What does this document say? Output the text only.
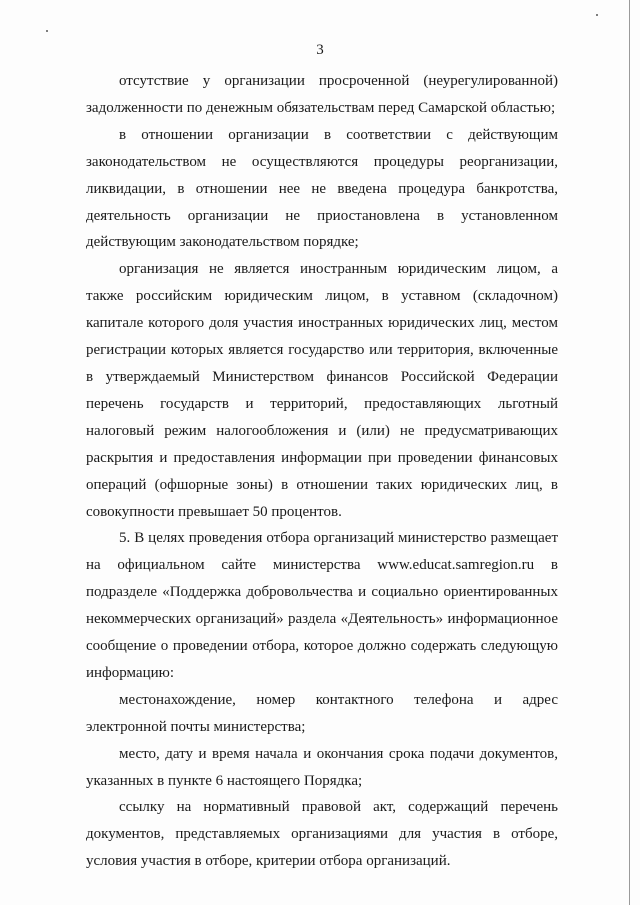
3

отсутствие у организации просроченной (неурегулированной) задолженности по денежным обязательствам перед Самарской областью;

в отношении организации в соответствии с действующим законодательством не осуществляются процедуры реорганизации, ликвидации, в отношении нее не введена процедура банкротства, деятельность организации не приостановлена в установленном действующим законодательством порядке;

организация не является иностранным юридическим лицом, а также российским юридическим лицом, в уставном (складочном) капитале которого доля участия иностранных юридических лиц, местом регистрации которых является государство или территория, включенные в утверждаемый Министерством финансов Российской Федерации перечень государств и территорий, предоставляющих льготный налоговый режим налогообложения и (или) не предусматривающих раскрытия и предоставления информации при проведении финансовых операций (офшорные зоны) в отношении таких юридических лиц, в совокупности превышает 50 процентов.

5. В целях проведения отбора организаций министерство размещает на официальном сайте министерства www.educat.samregion.ru в подразделе «Поддержка добровольчества и социально ориентированных некоммерческих организаций» раздела «Деятельность» информационное сообщение о проведении отбора, которое должно содержать следующую информацию:

местонахождение, номер контактного телефона и адрес электронной почты министерства;

место, дату и время начала и окончания срока подачи документов, указанных в пункте 6 настоящего Порядка;

ссылку на нормативный правовой акт, содержащий перечень документов, представляемых организациями для участия в отборе, условия участия в отборе, критерии отбора организаций.
